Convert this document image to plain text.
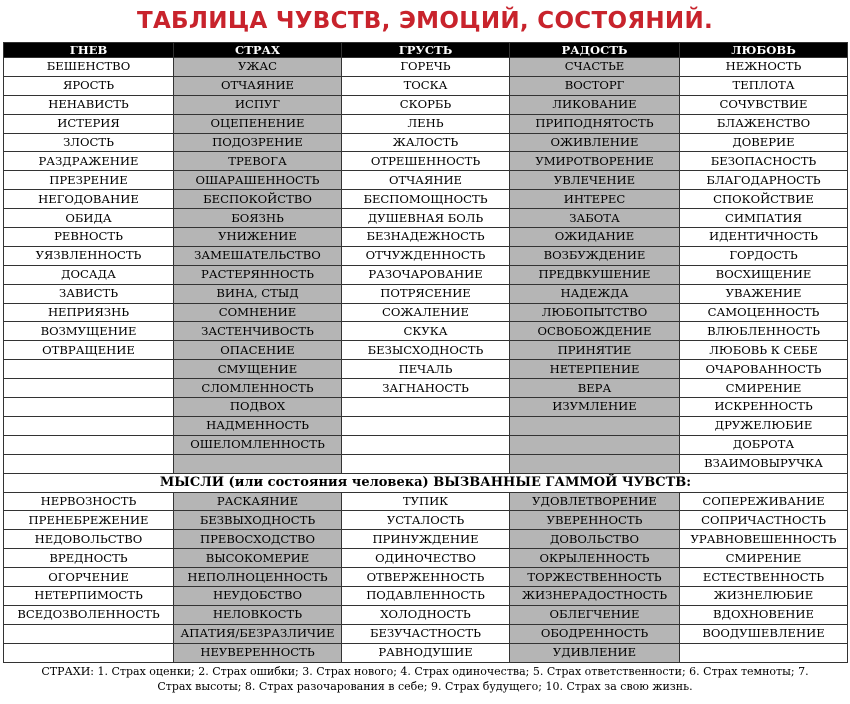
ТАБЛИЦА ЧУВСТВ, ЭМОЦИЙ, СОСТОЯНИЙ.
ГНЕВ	СТРАХ	ГРУСТЬ	РАДОСТЬ	ЛЮБОВЬ
БЕШЕНСТВО	УЖАС	ГОРЕЧЬ	СЧАСТЬЕ	НЕЖНОСТЬ
ЯРОСТЬ	ОТЧАЯНИЕ	ТОСКА	ВОСТОРГ	ТЕПЛОТА
НЕНАВИСТЬ	ИСПУГ	СКОРБЬ	ЛИКОВАНИЕ	СОЧУВСТВИЕ
ИСТЕРИЯ	ОЦЕПЕНЕНИЕ	ЛЕНЬ	ПРИПОДНЯТОСТЬ	БЛАЖЕНСТВО
ЗЛОСТЬ	ПОДОЗРЕНИЕ	ЖАЛОСТЬ	ОЖИВЛЕНИЕ	ДОВЕРИЕ
РАЗДРАЖЕНИЕ	ТРЕВОГА	ОТРЕШЕННОСТЬ	УМИРОТВОРЕНИЕ	БЕЗОПАСНОСТЬ
ПРЕЗРЕНИЕ	ОШАРАШЕННОСТЬ	ОТЧАЯНИЕ	УВЛЕЧЕНИЕ	БЛАГОДАРНОСТЬ
НЕГОДОВАНИЕ	БЕСПОКОЙСТВО	БЕСПОМОЩНОСТЬ	ИНТЕРЕС	СПОКОЙСТВИЕ
ОБИДА	БОЯЗНЬ	ДУШЕВНАЯ БОЛЬ	ЗАБОТА	СИМПАТИЯ
РЕВНОСТЬ	УНИЖЕНИЕ	БЕЗНАДЕЖНОСТЬ	ОЖИДАНИЕ	ИДЕНТИЧНОСТЬ
УЯЗВЛЕННОСТЬ	ЗАМЕШАТЕЛЬСТВО	ОТЧУЖДЕННОСТЬ	ВОЗБУЖДЕНИЕ	ГОРДОСТЬ
ДОСАДА	РАСТЕРЯННОСТЬ	РАЗОЧАРОВАНИЕ	ПРЕДВКУШЕНИЕ	ВОСХИЩЕНИЕ
ЗАВИСТЬ	ВИНА, СТЫД	ПОТРЯСЕНИЕ	НАДЕЖДА	УВАЖЕНИЕ
НЕПРИЯЗНЬ	СОМНЕНИЕ	СОЖАЛЕНИЕ	ЛЮБОПЫТСТВО	САМОЦЕННОСТЬ
ВОЗМУЩЕНИЕ	ЗАСТЕНЧИВОСТЬ	СКУКА	ОСВОБОЖДЕНИЕ	ВЛЮБЛЕННОСТЬ
ОТВРАЩЕНИЕ	ОПАСЕНИЕ	БЕЗЫСХОДНОСТЬ	ПРИНЯТИЕ	ЛЮБОВЬ К СЕБЕ
	СМУЩЕНИЕ	ПЕЧАЛЬ	НЕТЕРПЕНИЕ	ОЧАРОВАННОСТЬ
	СЛОМЛЕННОСТЬ	ЗАГНАНОСТЬ	ВЕРА	СМИРЕНИЕ
	ПОДВОХ		ИЗУМЛЕНИЕ	ИСКРЕННОСТЬ
	НАДМЕННОСТЬ			ДРУЖЕЛЮБИЕ
	ОШЕЛОМЛЕННОСТЬ			ДОБРОТА
				ВЗАИМОВЫРУЧКА
МЫСЛИ (или состояния человека) ВЫЗВАННЫЕ ГАММОЙ ЧУВСТВ:				
НЕРВОЗНОСТЬ	РАСКАЯНИЕ	ТУПИК	УДОВЛЕТВОРЕНИЕ	СОПЕРЕЖИВАНИЕ
ПРЕНЕБРЕЖЕНИЕ	БЕЗВЫХОДНОСТЬ	УСТАЛОСТЬ	УВЕРЕННОСТЬ	СОПРИЧАСТНОСТЬ
НЕДОВОЛЬСТВО	ПРЕВОСХОДСТВО	ПРИНУЖДЕНИЕ	ДОВОЛЬСТВО	УРАВНОВЕШЕННОСТЬ
ВРЕДНОСТЬ	ВЫСОКОМЕРИЕ	ОДИНОЧЕСТВО	ОКРЫЛЕННОСТЬ	СМИРЕНИЕ
ОГОРЧЕНИЕ	НЕПОЛНОЦЕННОСТЬ	ОТВЕРЖЕННОСТЬ	ТОРЖЕСТВЕННОСТЬ	ЕСТЕСТВЕННОСТЬ
НЕТЕРПИМОСТЬ	НЕУДОБСТВО	ПОДАВЛЕННОСТЬ	ЖИЗНЕРАДОСТНОСТЬ	ЖИЗНЕЛЮБИЕ
ВСЕДОЗВОЛЕННОСТЬ	НЕЛОВКОСТЬ	ХОЛОДНОСТЬ	ОБЛЕГЧЕНИЕ	ВДОХНОВЕНИЕ
	АПАТИЯ/БЕЗРАЗЛИЧИЕ	БЕЗУЧАСТНОСТЬ	ОБОДРЕННОСТЬ	ВООДУШЕВЛЕНИЕ
	НЕУВЕРЕННОСТЬ	РАВНОДУШИЕ	УДИВЛЕНИЕ	
СТРАХИ: 1. Страх оценки; 2. Страх ошибки; 3. Страх нового; 4. Страх одиночества; 5. Страх ответственности; 6. Страх темноты; 7.
Страх высоты; 8. Страх разочарования в себе; 9. Страх будущего; 10. Страх за свою жизнь.
